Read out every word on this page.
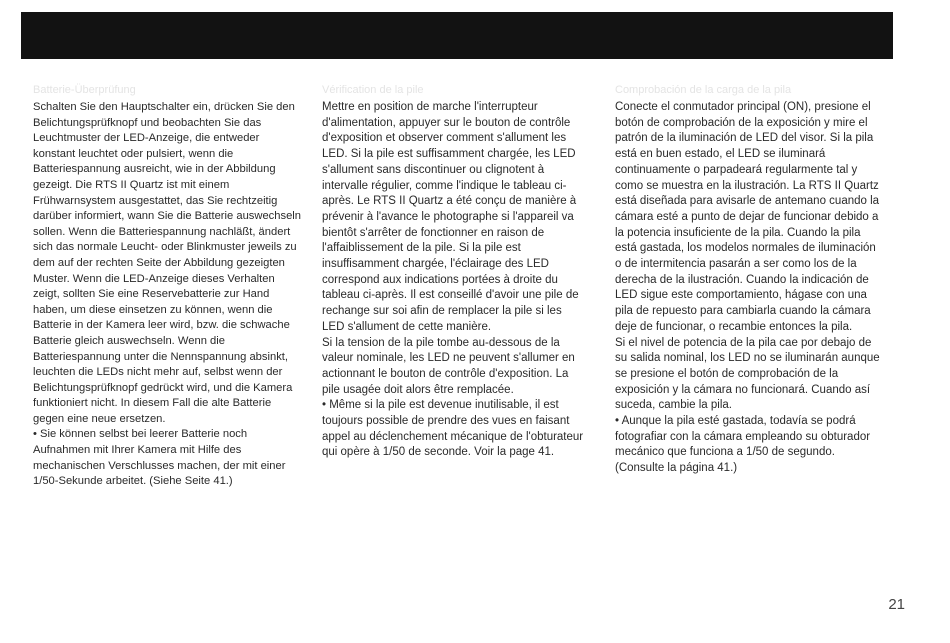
Batterie-Überprüfung

Schalten Sie den Hauptschalter ein, drücken Sie den Belichtungsprüfknopf und beobachten Sie das Leuchtmuster der LED-Anzeige, die entweder konstant leuchtet oder pulsiert, wenn die Batteriespannung ausreicht, wie in der Abbildung gezeigt. Die RTS II Quartz ist mit einem Frühwarnsystem ausgestattet, das Sie rechtzeitig darüber informiert, wann Sie die Batterie auswechseln sollen. Wenn die Batteriespannung nachläßt, ändert sich das normale Leucht- oder Blinkmuster jeweils zu dem auf der rechten Seite der Abbildung gezeigten Muster. Wenn die LED-Anzeige dieses Verhalten zeigt, sollten Sie eine Reservebatterie zur Hand haben, um diese einsetzen zu können, wenn die Batterie in der Kamera leer wird, bzw. die schwache Batterie gleich auswechseln. Wenn die Batteriespannung unter die Nennspannung absinkt, leuchten die LEDs nicht mehr auf, selbst wenn der Belichtungsprüfknopf gedrückt wird, und die Kamera funktioniert nicht. In diesem Fall die alte Batterie gegen eine neue ersetzen.

• Sie können selbst bei leerer Batterie noch Aufnahmen mit Ihrer Kamera mit Hilfe des mechanischen Verschlusses machen, der mit einer 1/50-Sekunde arbeitet. (Siehe Seite 41.)

Vérification de la pile

Mettre en position de marche l'interrupteur d'alimentation, appuyer sur le bouton de contrôle d'exposition et observer comment s'allument les LED. Si la pile est suffisamment chargée, les LED s'allument sans discontinuer ou clignotent à intervalle régulier, comme l'indique le tableau ci-après. Le RTS II Quartz a été conçu de manière à prévenir à l'avance le photographe si l'appareil va bientôt s'arrêter de fonctionner en raison de l'affaiblissement de la pile. Si la pile est insuffisamment chargée, l'éclairage des LED correspond aux indications portées à droite du tableau ci-après. Il est conseillé d'avoir une pile de rechange sur soi afin de remplacer la pile si les LED s'allument de cette manière.

Si la tension de la pile tombe au-dessous de la valeur nominale, les LED ne peuvent s'allumer en actionnant le bouton de contrôle d'exposition. La pile usagée doit alors être remplacée.

• Même si la pile est devenue inutilisable, il est toujours possible de prendre des vues en faisant appel au déclenchement mécanique de l'obturateur qui opère à 1/50 de seconde. Voir la page 41.

Comprobación de la carga de la pila

Conecte el conmutador principal (ON), presione el botón de comprobación de la exposición y mire el patrón de la iluminación de LED del visor. Si la pila está en buen estado, el LED se iluminará continuamente o parpadeará regularmente tal y como se muestra en la ilustración. La RTS II Quartz está diseñada para avisarle de antemano cuando la cámara esté a punto de dejar de funcionar debido a la potencia insuficiente de la pila. Cuando la pila está gastada, los modelos normales de iluminación o de intermitencia pasarán a ser como los de la derecha de la ilustración. Cuando la indicación de LED sigue este comportamiento, hágase con una pila de repuesto para cambiarla cuando la cámara deje de funcionar, o recambie entonces la pila.

Si el nivel de potencia de la pila cae por debajo de su salida nominal, los LED no se iluminarán aunque se presione el botón de comprobación de la exposición y la cámara no funcionará. Cuando así suceda, cambie la pila.

• Aunque la pila esté gastada, todavía se podrá fotografiar con la cámara empleando su obturador mecánico que funciona a 1/50 de segundo. (Consulte la página 41.)

21
